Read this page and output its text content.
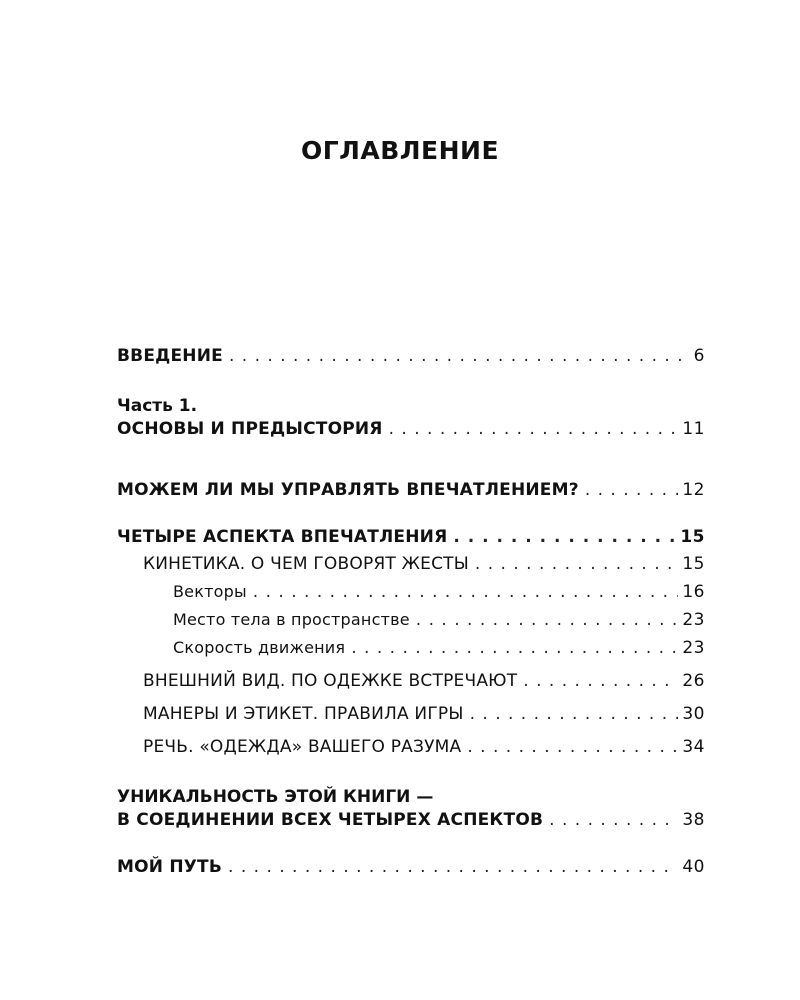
ОГЛАВЛЕНИЕ
ВВЕДЕНИЕ . . .	6
Часть 1.
ОСНОВЫ И ПРЕДЫСТОРИЯ . . .	11
МОЖЕМ ЛИ МЫ УПРАВЛЯТЬ ВПЕЧАТЛЕНИЕМ? . . .	12
ЧЕТЫРЕ АСПЕКТА ВПЕЧАТЛЕНИЯ . . .	15
КИНЕТИКА. О ЧЕМ ГОВОРЯТ ЖЕСТЫ . . .	15
Векторы . . .	16
Место тела в пространстве . . .	23
Скорость движения . . .	23
ВНЕШНИЙ ВИД. ПО ОДЕЖКЕ ВСТРЕЧАЮТ . . .	26
МАНЕРЫ И ЭТИКЕТ. ПРАВИЛА ИГРЫ . . .	30
РЕЧЬ. «ОДЕЖДА» ВАШЕГО РАЗУМА . . .	34
УНИКАЛЬНОСТЬ ЭТОЙ КНИГИ —
В СОЕДИНЕНИИ ВСЕХ ЧЕТЫРЕХ АСПЕКТОВ . . .	38
МОЙ ПУТЬ . . .	40
